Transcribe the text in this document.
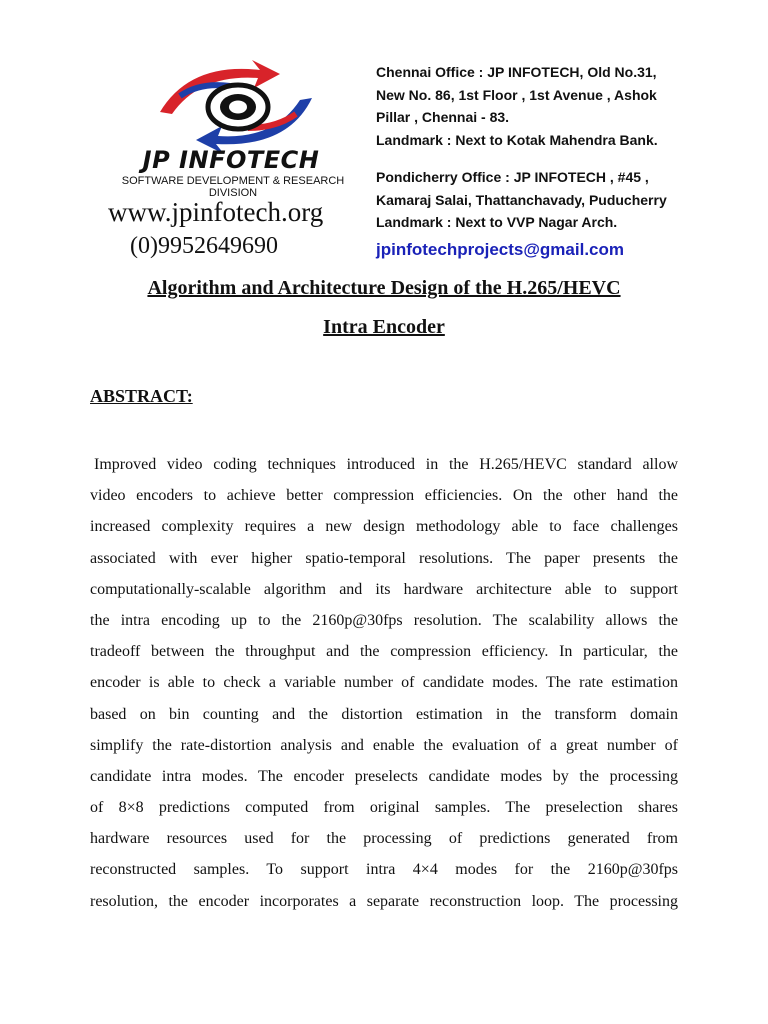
JP INFOTECH
SOFTWARE DEVELOPMENT & RESEARCH DIVISION
www.jpinfotech.org
(0)9952649690
Chennai Office : JP INFOTECH, Old No.31,
New No. 86, 1st Floor , 1st Avenue , Ashok
Pillar , Chennai - 83.
Landmark : Next to Kotak Mahendra Bank.
Pondicherry Office : JP INFOTECH , #45 ,
Kamaraj Salai, Thattanchavady, Puducherry
Landmark : Next to VVP Nagar Arch.
jpinfotechprojects@gmail.com
Algorithm and Architecture Design of the H.265/HEVC
Intra Encoder
ABSTRACT:
Improved video coding techniques introduced in the H.265/HEVC standard allow
video encoders to achieve better compression efficiencies. On the other hand the
increased complexity requires a new design methodology able to face challenges
associated with ever higher spatio-temporal resolutions. The paper presents the
computationally-scalable algorithm and its hardware architecture able to support
the intra encoding up to the 2160p@30fps resolution. The scalability allows the
tradeoff between the throughput and the compression efficiency. In particular, the
encoder is able to check a variable number of candidate modes. The rate estimation
based on bin counting and the distortion estimation in the transform domain
simplify the rate-distortion analysis and enable the evaluation of a great number of
candidate intra modes. The encoder preselects candidate modes by the processing
of 8×8 predictions computed from original samples. The preselection shares
hardware resources used for the processing of predictions generated from
reconstructed samples. To support intra 4×4 modes for the 2160p@30fps
resolution, the encoder incorporates a separate reconstruction loop. The processing
